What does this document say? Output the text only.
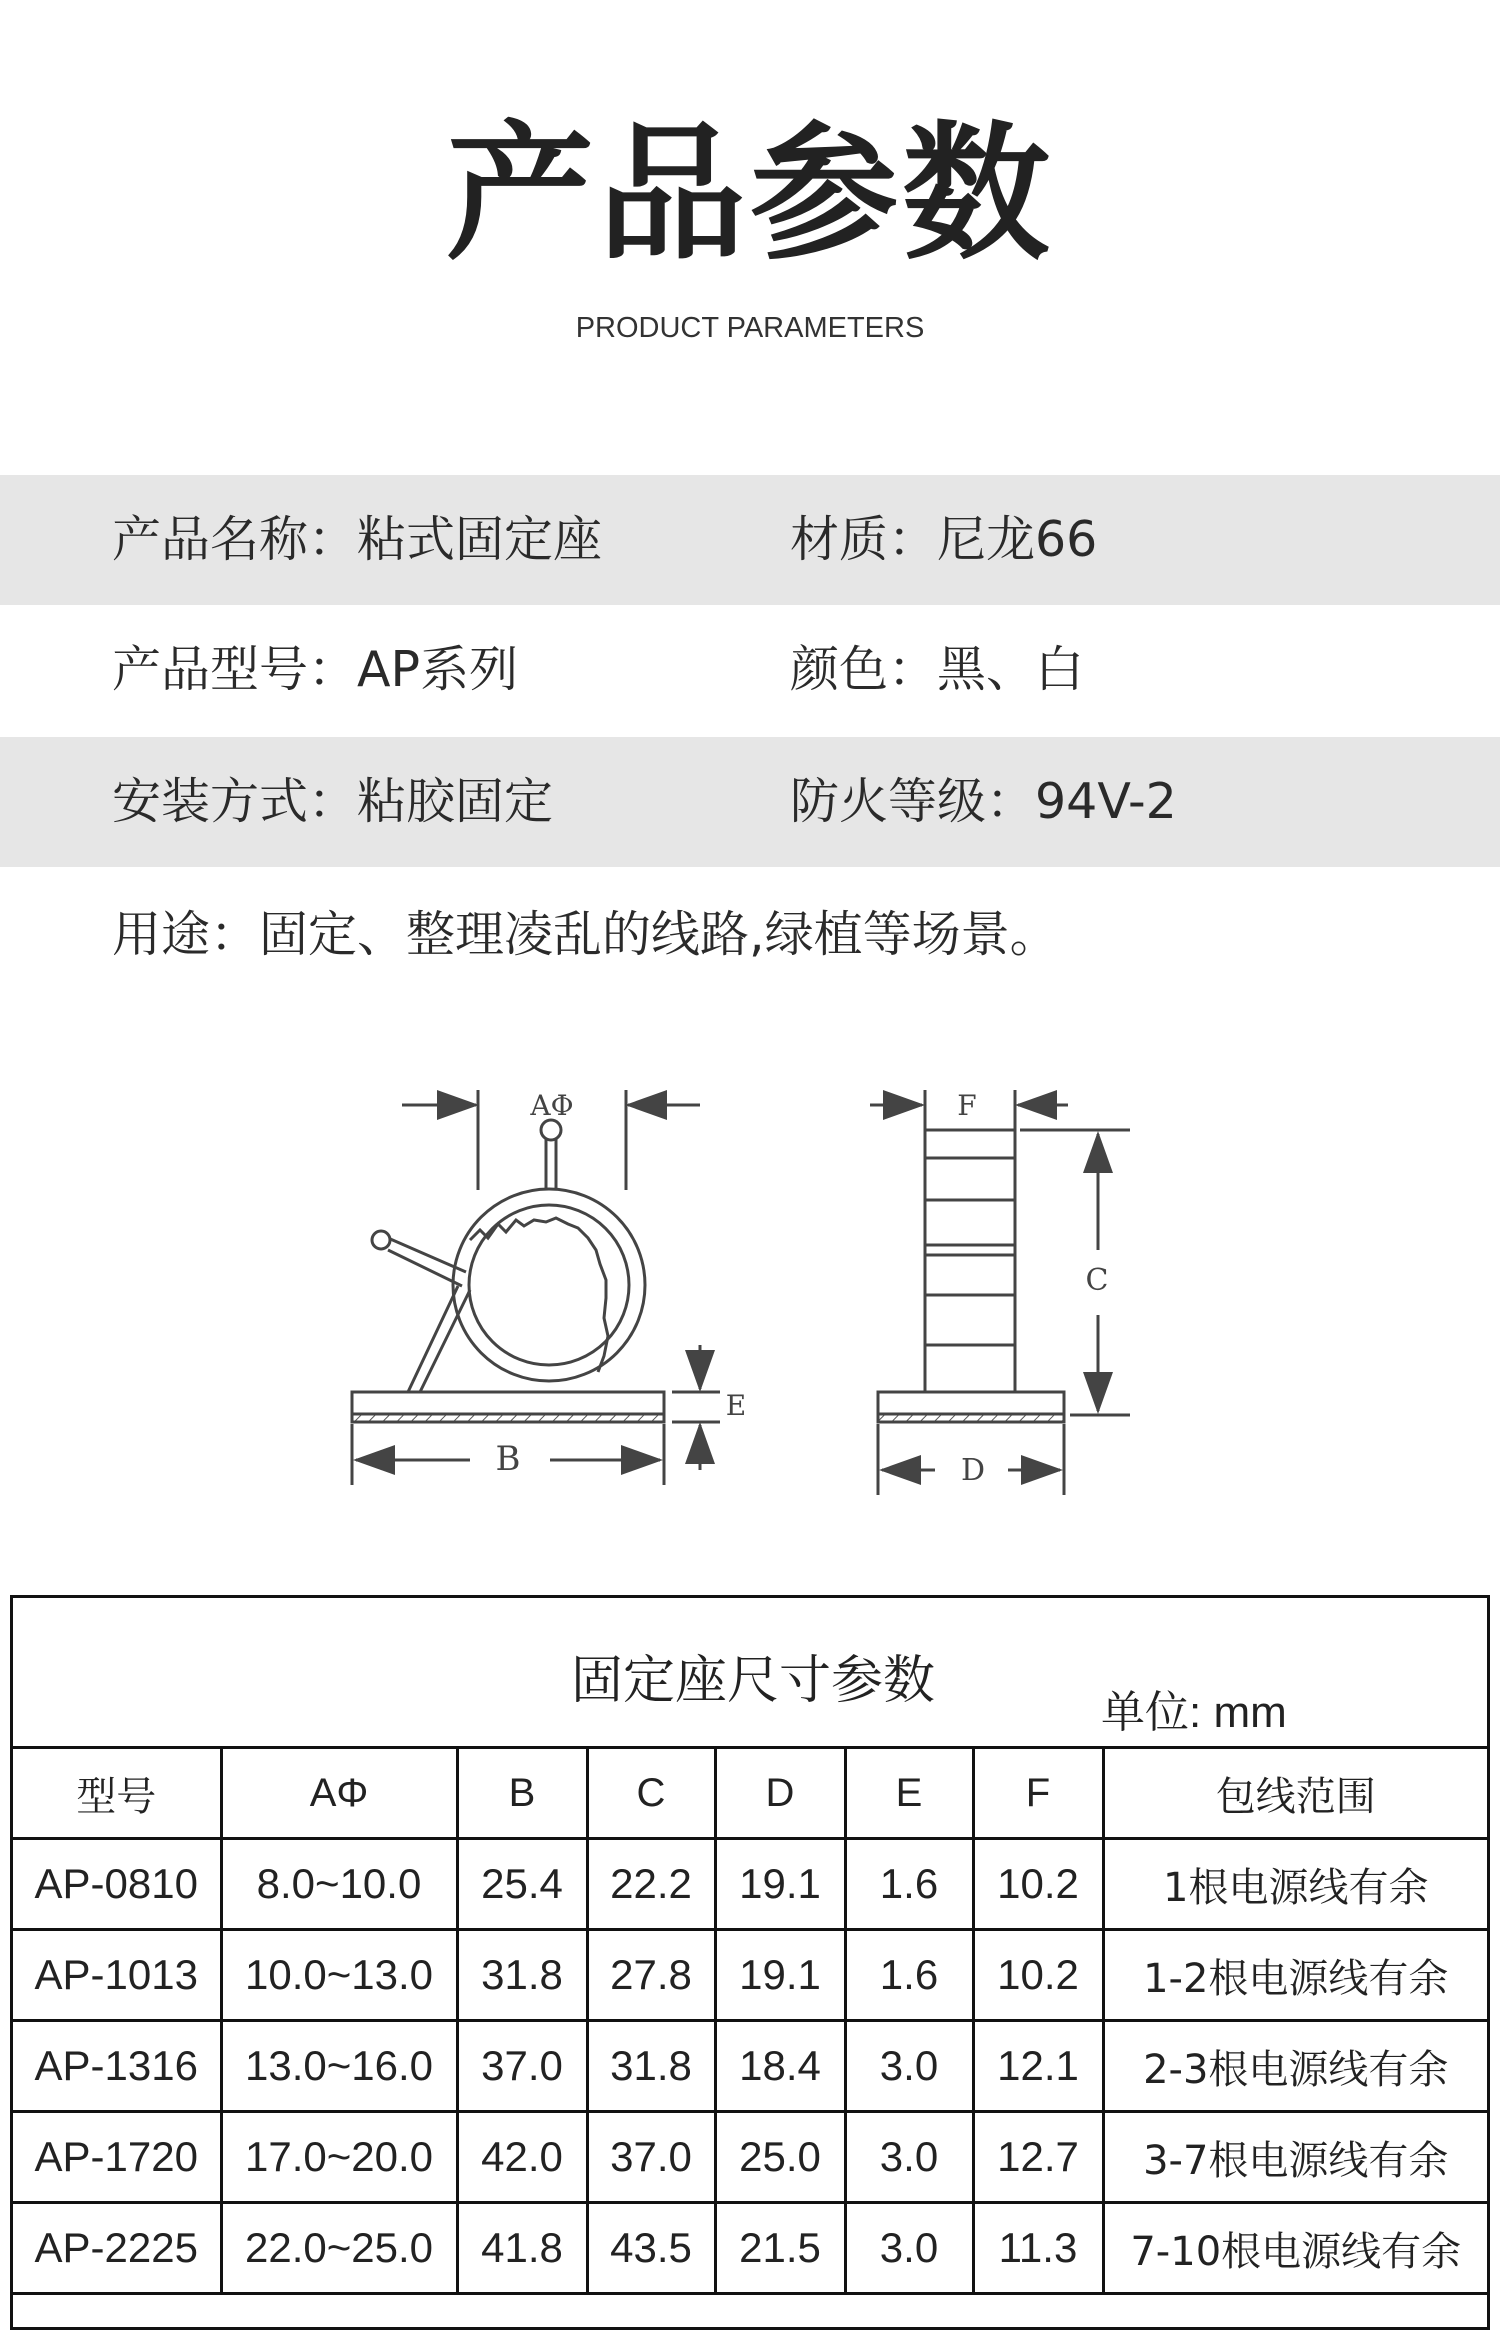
产品参数
PRODUCT PARAMETERS
产品名称：粘式固定座	材质：尼龙66
产品型号：AP系列	颜色：黑、白
安装方式：粘胶固定	防火等级：94V-2
用途：固定、整理凌乱的线路,绿植等场景。
AΦ
B
C
D
E
F
固定座尺寸参数
单位: mm
型号	AΦ	B	C	D	E	F	包线范围
AP-0810	8.0~10.0	25.4	22.2	19.1	1.6	10.2	1根电源线有余
AP-1013	10.0~13.0	31.8	27.8	19.1	1.6	10.2	1-2根电源线有余
AP-1316	13.0~16.0	37.0	31.8	18.4	3.0	12.1	2-3根电源线有余
AP-1720	17.0~20.0	42.0	37.0	25.0	3.0	12.7	3-7根电源线有余
AP-2225	22.0~25.0	41.8	43.5	21.5	3.0	11.3	7-10根电源线有余
